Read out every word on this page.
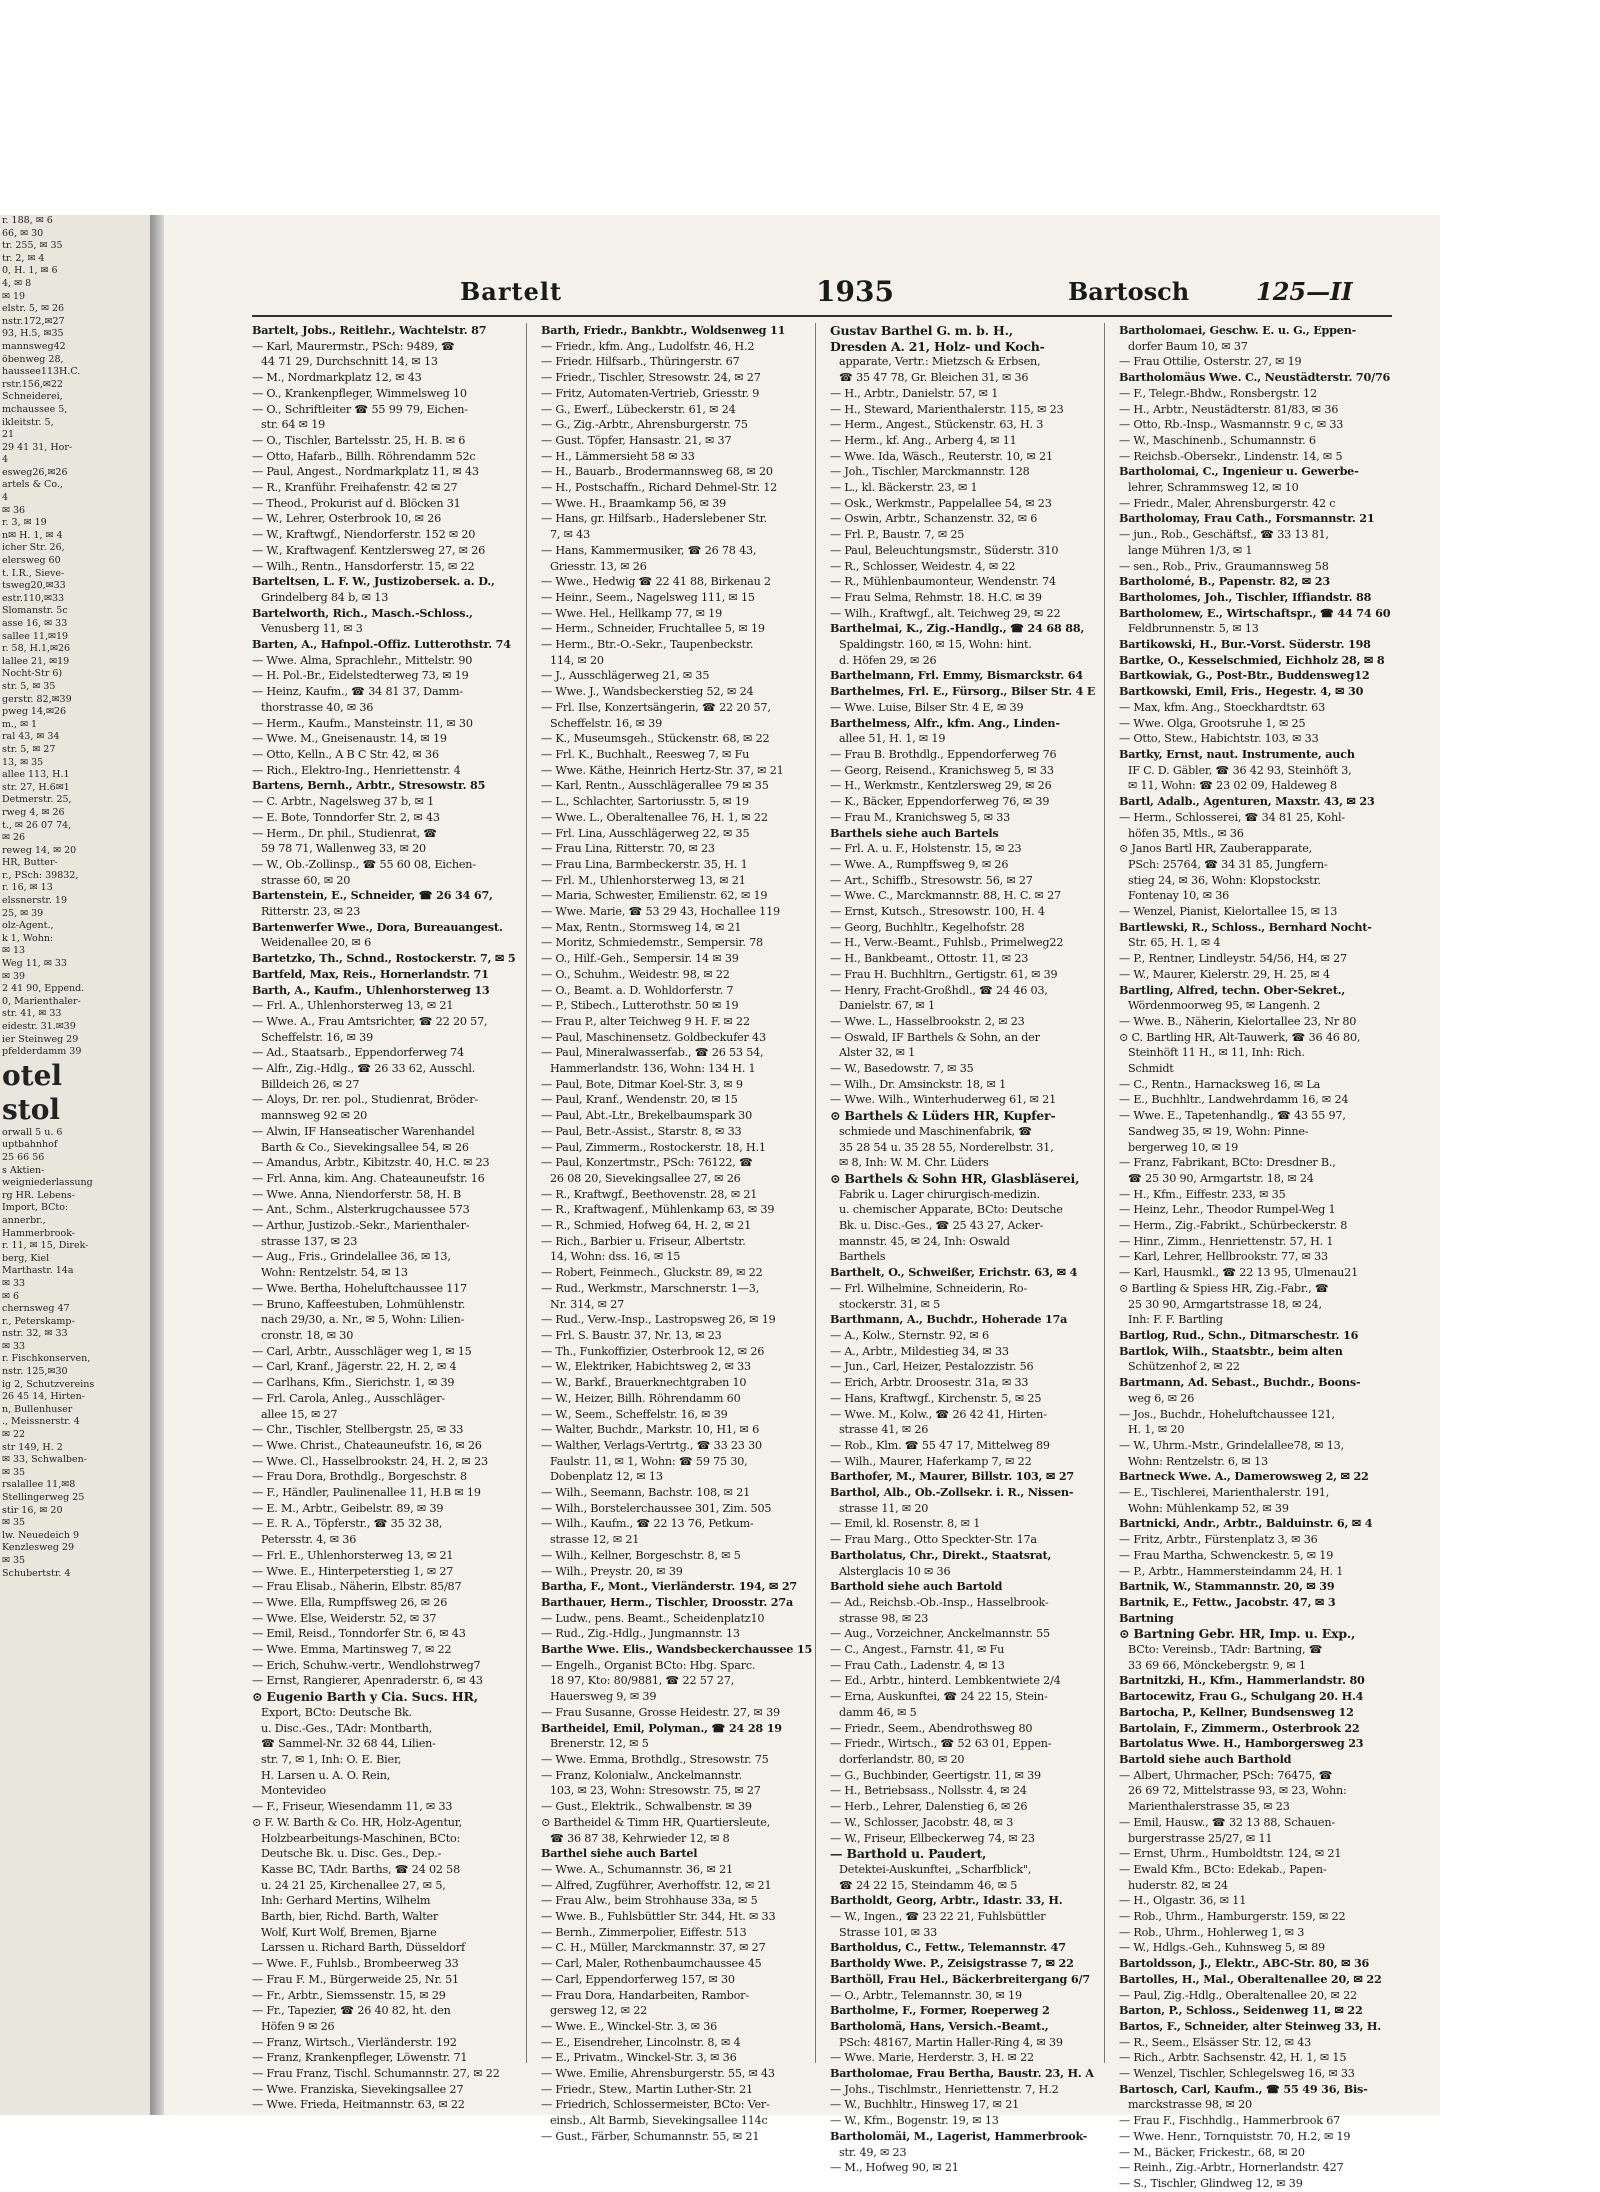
r. 188, ✉ 6
66, ✉ 30
tr. 255, ✉ 35
tr. 2, ✉ 4
0, H. 1, ✉ 6
4, ✉ 8
✉ 19
elstr. 5, ✉ 26
nstr.172,✉27
93, H.5, ✉35
mannsweg42
öbenweg 28,
haussee113H.C.
rstr.156,✉22
Schneiderei,
mchaussee 5,
ikleitstr. 5,
21
29 41 31, Hor-
4
esweg26,✉26
artels & Co.,
4
✉ 36
r. 3, ✉ 19
n✉ H. 1, ✉ 4
icher Str. 26,
elersweg 60
t. I.R., Sieve-
tsweg20,✉33
estr.110,✉33
Slomanstr. 5c
asse 16, ✉ 33
sallee 11,✉19
r. 58, H.1,✉26
lallee 21, ✉19
Nocht-Str 6)
str. 5, ✉ 35
gerstr. 82,✉39
pweg 14,✉26
m., ✉ 1
ral 43, ✉ 34
str. 5, ✉ 27
13, ✉ 35
allee 113, H.1
str. 27, H.6✉1
Detmerstr. 25,
rweg 4, ✉ 26
t., ✉ 26 07 74,
✉ 26
reweg 14, ✉ 20
HR, Butter-
r., PSch: 39832,
r. 16, ✉ 13
elssnerstr. 19
25, ✉ 39
olz-Agent.,
k 1, Wohn:
✉ 13
Weg 11, ✉ 33
✉ 39
2 41 90, Eppend.
0, Marienthaler-
str. 41, ✉ 33
eidestr. 31.✉39
ier Steinweg 29
pfelderdamm 39
otel
stol
orwall 5 u. 6
uptbahnhof
25 66 56
s Aktien-
weigniederlassung
rg HR. Lebens-
Import, BCto:
annerbr.,
Hammerbrook-
r. 11, ✉ 15, Direk-
berg, Kiel
Marthastr. 14a
✉ 33
✉ 6
chernsweg 47
r., Peterskamp-
nstr. 32, ✉ 33
✉ 33
r. Fischkonserven,
nstr. 125,✉30
ig 2, Schutzvereins
26 45 14, Hirten-
n, Bullenhuser
., Meissnerstr. 4
✉ 22
str 149, H. 2
✉ 33, Schwalben-
✉ 35
rsalallee 11,✉8
Stellingerweg 25
stir 16, ✉ 20
✉ 35
lw. Neuedeich 9
Kenzlesweg 29
✉ 35
Schubertstr. 4
Bartelt	1935	Bartosch	125—II
Bartelt, Jobs., Reitlehr., Wachtelstr. 87
— Karl, Maurermstr., PSch: 9489, ☎
44 71 29, Durchschnitt 14, ✉ 13
— M., Nordmarkplatz 12, ✉ 43
— O., Krankenpfleger, Wimmelsweg 10
— O., Schriftleiter ☎ 55 99 79, Eichen-
str. 64 ✉ 19
— O., Tischler, Bartelsstr. 25, H. B. ✉ 6
— Otto, Hafarb., Billh. Röhrendamm 52c
— Paul, Angest., Nordmarkplatz 11, ✉ 43
— R., Kranführ. Freihafenstr. 42 ✉ 27
— Theod., Prokurist auf d. Blöcken 31
— W., Lehrer, Osterbrook 10, ✉ 26
— W., Kraftwgf., Niendorferstr. 152 ✉ 20
— W., Kraftwagenf. Kentzlersweg 27, ✉ 26
— Wilh., Rentn., Hansdorferstr. 15, ✉ 22
Barteltsen, L. F. W., Justizobersek. a. D.,
Grindelberg 84 b, ✉ 13
Bartelworth, Rich., Masch.-Schloss.,
Venusberg 11, ✉ 3
Barten, A., Hafnpol.-Offiz. Lutterothstr. 74
— Wwe. Alma, Sprachlehr., Mittelstr. 90
— H. Pol.-Br., Eidelstedterweg 73, ✉ 19
— Heinz, Kaufm., ☎ 34 81 37, Damm-
thorstrasse 40, ✉ 36
— Herm., Kaufm., Mansteinstr. 11, ✉ 30
— Wwe. M., Gneisenaustr. 14, ✉ 19
— Otto, Kelln., A B C Str. 42, ✉ 36
— Rich., Elektro-Ing., Henriettenstr. 4
Bartens, Bernh., Arbtr., Stresowstr. 85
— C. Arbtr., Nagelsweg 37 b, ✉ 1
— E. Bote, Tonndorfer Str. 2, ✉ 43
— Herm., Dr. phil., Studienrat, ☎
59 78 71, Wallenweg 33, ✉ 20
— W., Ob.-Zollinsp., ☎ 55 60 08, Eichen-
strasse 60, ✉ 20
Bartenstein, E., Schneider, ☎ 26 34 67,
Ritterstr. 23, ✉ 23
Bartenwerfer Wwe., Dora, Bureauangest.
Weidenallee 20, ✉ 6
Bartetzko, Th., Schnd., Rostockerstr. 7, ✉ 5
Bartfeld, Max, Reis., Hornerlandstr. 71
Barth, A., Kaufm., Uhlenhorsterweg 13
— Frl. A., Uhlenhorsterweg 13, ✉ 21
— Wwe. A., Frau Amtsrichter, ☎ 22 20 57,
Scheffelstr. 16, ✉ 39
— Ad., Staatsarb., Eppendorferweg 74
— Alfr., Zig.-Hdlg., ☎ 26 33 62, Ausschl.
Billdeich 26, ✉ 27
— Aloys, Dr. rer. pol., Studienrat, Bröder-
mannsweg 92 ✉ 20
— Alwin, IF Hanseatischer Warenhandel
Barth & Co., Sievekingsallee 54, ✉ 26
— Amandus, Arbtr., Kibitzstr. 40, H.C. ✉ 23
— Frl. Anna, kim. Ang. Chateauneufstr. 16
— Wwe. Anna, Niendorferstr. 58, H. B
— Ant., Schm., Alsterkrugchaussee 573
— Arthur, Justizob.-Sekr., Marienthaler-
strasse 137, ✉ 23
— Aug., Fris., Grindelallee 36, ✉ 13,
Wohn: Rentzelstr. 54, ✉ 13
— Wwe. Bertha, Hoheluftchaussee 117
— Bruno, Kaffeestuben, Lohmühlenstr.
nach 29/30, a. Nr., ✉ 5, Wohn: Lilien-
cronstr. 18, ✉ 30
— Carl, Arbtr., Ausschläger weg 1, ✉ 15
— Carl, Kranf., Jägerstr. 22, H. 2, ✉ 4
— Carlhans, Kfm., Sierichstr. 1, ✉ 39
— Frl. Carola, Anleg., Ausschläger-
allee 15, ✉ 27
— Chr., Tischler, Stellbergstr. 25, ✉ 33
— Wwe. Christ., Chateauneufstr. 16, ✉ 26
— Wwe. Cl., Hasselbrookstr. 24, H. 2, ✉ 23
— Frau Dora, Brothdlg., Borgeschstr. 8
— F., Händler, Paulinenallee 11, H.B ✉ 19
— E. M., Arbtr., Geibelstr. 89, ✉ 39
— E. R. A., Töpferstr., ☎ 35 32 38,
Petersstr. 4, ✉ 36
— Frl. E., Uhlenhorsterweg 13, ✉ 21
— Wwe. E., Hinterpeterstieg 1, ✉ 27
— Frau Elisab., Näherin, Elbstr. 85/87
— Wwe. Ella, Rumpffsweg 26, ✉ 26
— Wwe. Else, Weiderstr. 52, ✉ 37
— Emil, Reisd., Tonndorfer Str. 6, ✉ 43
— Wwe. Emma, Martinsweg 7, ✉ 22
— Erich, Schuhw.-vertr., Wendlohstrweg7
— Ernst, Rangierer, Apenraderstr. 6, ✉ 43
⊙ Eugenio Barth y Cia. Sucs. HR,
Export, BCto: Deutsche Bk.
u. Disc.-Ges., TAdr: Montbarth,
☎ Sammel-Nr. 32 68 44, Lilien-
str. 7, ✉ 1, Inh: O. E. Bier,
H. Larsen u. A. O. Rein,
Montevideo
— F., Friseur, Wiesendamm 11, ✉ 33
⊙ F. W. Barth & Co. HR, Holz-Agentur,
Holzbearbeitungs-Maschinen, BCto:
Deutsche Bk. u. Disc. Ges., Dep.-
Kasse BC, TAdr. Barths, ☎ 24 02 58
u. 24 21 25, Kirchenallee 27, ✉ 5,
Inh: Gerhard Mertins, Wilhelm
Barth, bier, Richd. Barth, Walter
Wolf, Kurt Wolf, Bremen, Bjarne
Larssen u. Richard Barth, Düsseldorf
— Wwe. F., Fuhlsb., Brombeerweg 33
— Frau F. M., Bürgerweide 25, Nr. 51
— Fr., Arbtr., Siemssenstr. 15, ✉ 29
— Fr., Tapezier, ☎ 26 40 82, ht. den
Höfen 9 ✉ 26
— Franz, Wirtsch., Vierländerstr. 192
— Franz, Krankenpfleger, Löwenstr. 71
— Frau Franz, Tischl. Schumannstr. 27, ✉ 22
— Wwe. Franziska, Sievekingsallee 27
— Wwe. Frieda, Heitmannstr. 63, ✉ 22
Barth, Friedr., Bankbtr., Woldsenweg 11
— Friedr., kfm. Ang., Ludolfstr. 46, H.2
— Friedr. Hilfsarb., Thüringerstr. 67
— Friedr., Tischler, Stresowstr. 24, ✉ 27
— Fritz, Automaten-Vertrieb, Griesstr. 9
— G., Ewerf., Lübeckerstr. 61, ✉ 24
— G., Zig.-Arbtr., Ahrensburgerstr. 75
— Gust. Töpfer, Hansastr. 21, ✉ 37
— H., Lämmersieht 58 ✉ 33
— H., Bauarb., Brodermannsweg 68, ✉ 20
— H., Postschaffn., Richard Dehmel-Str. 12
— Wwe. H., Braamkamp 56, ✉ 39
— Hans, gr. Hilfsarb., Haderslebener Str.
7, ✉ 43
— Hans, Kammermusiker, ☎ 26 78 43,
Griesstr. 13, ✉ 26
— Wwe., Hedwig ☎ 22 41 88, Birkenau 2
— Heinr., Seem., Nagelsweg 111, ✉ 15
— Wwe. Hel., Hellkamp 77, ✉ 19
— Herm., Schneider, Fruchtallee 5, ✉ 19
— Herm., Btr.-O.-Sekr., Taupenbeckstr.
114, ✉ 20
— J., Ausschlägerweg 21, ✉ 35
— Wwe. J., Wandsbeckerstieg 52, ✉ 24
— Frl. Ilse, Konzertsängerin, ☎ 22 20 57,
Scheffelstr. 16, ✉ 39
— K., Museumsgeh., Stückenstr. 68, ✉ 22
— Frl. K., Buchhalt., Reesweg 7, ✉ Fu
— Wwe. Käthe, Heinrich Hertz-Str. 37, ✉ 21
— Karl, Rentn., Ausschlägerallee 79 ✉ 35
— L., Schlachter, Sartoriusstr. 5, ✉ 19
— Wwe. L., Oberaltenallee 76, H. 1, ✉ 22
— Frl. Lina, Ausschlägerweg 22, ✉ 35
— Frau Lina, Ritterstr. 70, ✉ 23
— Frau Lina, Barmbeckerstr. 35, H. 1
— Frl. M., Uhlenhorsterweg 13, ✉ 21
— Maria, Schwester, Emilienstr. 62, ✉ 19
— Wwe. Marie, ☎ 53 29 43, Hochallee 119
— Max, Rentn., Stormsweg 14, ✉ 21
— Moritz, Schmiedemstr., Sempersir. 78
— O., Hilf.-Geh., Sempersir. 14 ✉ 39
— O., Schuhm., Weidestr. 98, ✉ 22
— O., Beamt. a. D. Wohldorferstr. 7
— P., Stibech., Lutterothstr. 50 ✉ 19
— Frau P., alter Teichweg 9 H. F. ✉ 22
— Paul, Maschinensetz. Goldbeckufer 43
— Paul, Mineralwasserfab., ☎ 26 53 54,
Hammerlandstr. 136, Wohn: 134 H. 1
— Paul, Bote, Ditmar Koel-Str. 3, ✉ 9
— Paul, Kranf., Wendenstr. 20, ✉ 15
— Paul, Abt.-Ltr., Brekelbaumspark 30
— Paul, Betr.-Assist., Starstr. 8, ✉ 33
— Paul, Zimmerm., Rostockerstr. 18, H.1
— Paul, Konzertmstr., PSch: 76122, ☎
26 08 20, Sievekingsallee 27, ✉ 26
— R., Kraftwgf., Beethovenstr. 28, ✉ 21
— R., Kraftwagenf., Mühlenkamp 63, ✉ 39
— R., Schmied, Hofweg 64, H. 2, ✉ 21
— Rich., Barbier u. Friseur, Albertstr.
14, Wohn: dss. 16, ✉ 15
— Robert, Feinmech., Gluckstr. 89, ✉ 22
— Rud., Werkmstr., Marschnerstr. 1—3,
Nr. 314, ✉ 27
— Rud., Verw.-Insp., Lastropsweg 26, ✉ 19
— Frl. S. Baustr. 37, Nr. 13, ✉ 23
— Th., Funkoffizier, Osterbrook 12, ✉ 26
— W., Elektriker, Habichtsweg 2, ✉ 33
— W., Barkf., Brauerknechtgraben 10
— W., Heizer, Billh. Röhrendamm 60
— W., Seem., Scheffelstr. 16, ✉ 39
— Walter, Buchdr., Markstr. 10, H1, ✉ 6
— Walther, Verlags-Vertrtg., ☎ 33 23 30
Faulstr. 11, ✉ 1, Wohn: ☎ 59 75 30,
Dobenplatz 12, ✉ 13
— Wilh., Seemann, Bachstr. 108, ✉ 21
— Wilh., Borstelerchaussee 301, Zim. 505
— Wilh., Kaufm., ☎ 22 13 76, Petkum-
strasse 12, ✉ 21
— Wilh., Kellner, Borgeschstr. 8, ✉ 5
— Wilh., Preystr. 20, ✉ 39
Bartha, F., Mont., Vierländerstr. 194, ✉ 27
Barthauer, Herm., Tischler, Droosstr. 27a
— Ludw., pens. Beamt., Scheidenplatz10
— Rud., Zig.-Hdlg., Jungmannstr. 13
Barthe Wwe. Elis., Wandsbeckerchaussee 15
— Engelh., Organist BCto: Hbg. Sparc.
18 97, Kto: 80/9881, ☎ 22 57 27,
Hauersweg 9, ✉ 39
— Frau Susanne, Grosse Heidestr. 27, ✉ 39
Bartheidel, Emil, Polyman., ☎ 24 28 19
Brenerstr. 12, ✉ 5
— Wwe. Emma, Brothdlg., Stresowstr. 75
— Franz, Kolonialw., Anckelmannstr.
103, ✉ 23, Wohn: Stresowstr. 75, ✉ 27
— Gust., Elektrik., Schwalbenstr. ✉ 39
⊙ Bartheidel & Timm HR, Quartiersleute,
☎ 36 87 38, Kehrwieder 12, ✉ 8
Barthel siehe auch Bartel
— Wwe. A., Schumannstr. 36, ✉ 21
— Alfred, Zugführer, Averhoffstr. 12, ✉ 21
— Frau Alw., beim Strohhause 33a, ✉ 5
— Wwe. B., Fuhlsbüttler Str. 344, Ht. ✉ 33
— Bernh., Zimmerpolier, Eiffestr. 513
— C. H., Müller, Marckmannstr. 37, ✉ 27
— Carl, Maler, Rothenbaumchaussee 45
— Carl, Eppendorferweg 157, ✉ 30
— Frau Dora, Handarbeiten, Rambor-
gersweg 12, ✉ 22
— Wwe. E., Winckel-Str. 3, ✉ 36
— E., Eisendreher, Lincolnstr. 8, ✉ 4
— E., Privatm., Winckel-Str. 3, ✉ 36
— Wwe. Emilie, Ahrensburgerstr. 55, ✉ 43
— Friedr., Stew., Martin Luther-Str. 21
— Friedrich, Schlossermeister, BCto: Ver-
einsb., Alt Barmb, Sievekingsallee 114c
— Gust., Färber, Schumannstr. 55, ✉ 21
Gustav Barthel G. m. b. H.,
Dresden A. 21, Holz- und Koch-
apparate, Vertr.: Mietzsch & Erbsen,
☎ 35 47 78, Gr. Bleichen 31, ✉ 36
— H., Arbtr., Danielstr. 57, ✉ 1
— H., Steward, Marienthalerstr. 115, ✉ 23
— Herm., Angest., Stückenstr. 63, H. 3
— Herm., kf. Ang., Arberg 4, ✉ 11
— Wwe. Ida, Wäsch., Reuterstr. 10, ✉ 21
— Joh., Tischler, Marckmannstr. 128
— L., kl. Bäckerstr. 23, ✉ 1
— Osk., Werkmstr., Pappelallee 54, ✉ 23
— Oswin, Arbtr., Schanzenstr. 32, ✉ 6
— Frl. P., Baustr. 7, ✉ 25
— Paul, Beleuchtungsmstr., Süderstr. 310
— R., Schlosser, Weidestr. 4, ✉ 22
— R., Mühlenbaumonteur, Wendenstr. 74
— Frau Selma, Rehmstr. 18. H.C. ✉ 39
— Wilh., Kraftwgf., alt. Teichweg 29, ✉ 22
Barthelmai, K., Zig.-Handlg., ☎ 24 68 88,
Spaldingstr. 160, ✉ 15, Wohn: hint.
d. Höfen 29, ✉ 26
Barthelmann, Frl. Emmy, Bismarckstr. 64
Barthelmes, Frl. E., Fürsorg., Bilser Str. 4 E
— Wwe. Luise, Bilser Str. 4 E, ✉ 39
Barthelmess, Alfr., kfm. Ang., Linden-
allee 51, H. 1, ✉ 19
— Frau B. Brothdlg., Eppendorferweg 76
— Georg, Reisend., Kranichsweg 5, ✉ 33
— H., Werkmstr., Kentzlersweg 29, ✉ 26
— K., Bäcker, Eppendorferweg 76, ✉ 39
— Frau M., Kranichsweg 5, ✉ 33
Barthels siehe auch Bartels
— Frl. A. u. F., Holstenstr. 15, ✉ 23
— Wwe. A., Rumpffsweg 9, ✉ 26
— Art., Schiffb., Stresowstr. 56, ✉ 27
— Wwe. C., Marckmannstr. 88, H. C. ✉ 27
— Ernst, Kutsch., Stresowstr. 100, H. 4
— Georg, Buchhltr., Kegelhofstr. 28
— H., Verw.-Beamt., Fuhlsb., Primelweg22
— H., Bankbeamt., Ottostr. 11, ✉ 23
— Frau H. Buchhltrn., Gertigstr. 61, ✉ 39
— Henry, Fracht-Großhdl., ☎ 24 46 03,
Danielstr. 67, ✉ 1
— Wwe. L., Hasselbrookstr. 2, ✉ 23
— Oswald, IF Barthels & Sohn, an der
Alster 32, ✉ 1
— W., Basedowstr. 7, ✉ 35
— Wilh., Dr. Amsinckstr. 18, ✉ 1
— Wwe. Wilh., Winterhuderweg 61, ✉ 21
⊙ Barthels & Lüders HR, Kupfer-
schmiede und Maschinenfabrik, ☎
35 28 54 u. 35 28 55, Norderelbstr. 31,
✉ 8, Inh: W. M. Chr. Lüders
⊙ Barthels & Sohn HR, Glasbläserei,
Fabrik u. Lager chirurgisch-medizin.
u. chemischer Apparate, BCto: Deutsche
Bk. u. Disc.-Ges., ☎ 25 43 27, Acker-
mannstr. 45, ✉ 24, Inh: Oswald
Barthels
Barthelt, O., Schweißer, Erichstr. 63, ✉ 4
— Frl. Wilhelmine, Schneiderin, Ro-
stockerstr. 31, ✉ 5
Barthmann, A., Buchdr., Hoherade 17a
— A., Kolw., Sternstr. 92, ✉ 6
— A., Arbtr., Mildestieg 34, ✉ 33
— Jun., Carl, Heizer, Pestalozzistr. 56
— Erich, Arbtr. Droosestr. 31a, ✉ 33
— Hans, Kraftwgf., Kirchenstr. 5, ✉ 25
— Wwe. M., Kolw., ☎ 26 42 41, Hirten-
strasse 41, ✉ 26
— Rob., Klm. ☎ 55 47 17, Mittelweg 89
— Wilh., Maurer, Haferkamp 7, ✉ 22
Barthofer, M., Maurer, Billstr. 103, ✉ 27
Barthol, Alb., Ob.-Zollsekr. i. R., Nissen-
strasse 11, ✉ 20
— Emil, kl. Rosenstr. 8, ✉ 1
— Frau Marg., Otto Speckter-Str. 17a
Bartholatus, Chr., Direkt., Staatsrat,
Alsterglacis 10 ✉ 36
Barthold siehe auch Bartold
— Ad., Reichsb.-Ob.-Insp., Hasselbrook-
strasse 98, ✉ 23
— Aug., Vorzeichner, Anckelmannstr. 55
— C., Angest., Farnstr. 41, ✉ Fu
— Frau Cath., Ladenstr. 4, ✉ 13
— Ed., Arbtr., hinterd. Lembkentwiete 2/4
— Erna, Auskunftei, ☎ 24 22 15, Stein-
damm 46, ✉ 5
— Friedr., Seem., Abendrothsweg 80
— Friedr., Wirtsch., ☎ 52 63 01, Eppen-
dorferlandstr. 80, ✉ 20
— G., Buchbinder, Geertigstr. 11, ✉ 39
— H., Betriebsass., Nollsstr. 4, ✉ 24
— Herb., Lehrer, Dalenstieg 6, ✉ 26
— W., Schlosser, Jacobstr. 48, ✉ 3
— W., Friseur, Ellbeckerweg 74, ✉ 23
— Barthold u. Paudert,
Detektei-Auskunftei, „Scharfblick",
☎ 24 22 15, Steindamm 46, ✉ 5
Bartholdt, Georg, Arbtr., Idastr. 33, H.
— W., Ingen., ☎ 23 22 21, Fuhlsbüttler
Strasse 101, ✉ 33
Bartholdus, C., Fettw., Telemannstr. 47
Bartholdy Wwe. P., Zeisigstrasse 7, ✉ 22
Barthöll, Frau Hel., Bäckerbreitergang 6/7
— O., Arbtr., Telemannstr. 30, ✉ 19
Bartholme, F., Former, Roeperweg 2
Bartholomä, Hans, Versich.-Beamt.,
PSch: 48167, Martin Haller-Ring 4, ✉ 39
— Wwe. Marie, Herderstr. 3, H. ✉ 22
Bartholomae, Frau Bertha, Baustr. 23, H. A
— Johs., Tischlmstr., Henriettenstr. 7, H.2
— W., Buchhltr., Hinsweg 17, ✉ 21
— W., Kfm., Bogenstr. 19, ✉ 13
Bartholomäi, M., Lagerist, Hammerbrook-
str. 49, ✉ 23
— M., Hofweg 90, ✉ 21
Bartholomaei, Geschw. E. u. G., Eppen-
dorfer Baum 10, ✉ 37
— Frau Ottilie, Osterstr. 27, ✉ 19
Bartholomäus Wwe. C., Neustädterstr. 70/76
— F., Telegr.-Bhdw., Ronsbergstr. 12
— H., Arbtr., Neustädterstr. 81/83, ✉ 36
— Otto, Rb.-Insp., Wasmannstr. 9 c, ✉ 33
— W., Maschinenb., Schumannstr. 6
— Reichsb.-Obersekr., Lindenstr. 14, ✉ 5
Bartholomai, C., Ingenieur u. Gewerbe-
lehrer, Schrammsweg 12, ✉ 10
— Friedr., Maler, Ahrensburgerstr. 42 c
Bartholomay, Frau Cath., Forsmannstr. 21
— jun., Rob., Geschäftsf., ☎ 33 13 81,
lange Mühren 1/3, ✉ 1
— sen., Rob., Priv., Graumannsweg 58
Bartholomé, B., Papenstr. 82, ✉ 23
Bartholomes, Joh., Tischler, Iffiandstr. 88
Bartholomew, E., Wirtschaftspr., ☎ 44 74 60
Feldbrunnenstr. 5, ✉ 13
Bartikowski, H., Bur.-Vorst. Süderstr. 198
Bartke, O., Kesselschmied, Eichholz 28, ✉ 8
Bartkowiak, G., Post-Btr., Buddensweg12
Bartkowski, Emil, Fris., Hegestr. 4, ✉ 30
— Max, kfm. Ang., Stoeckhardtstr. 63
— Wwe. Olga, Grootsruhe 1, ✉ 25
— Otto, Stew., Habichtstr. 103, ✉ 33
Bartky, Ernst, naut. Instrumente, auch
IF C. D. Gäbler, ☎ 36 42 93, Steinhöft 3,
✉ 11, Wohn: ☎ 23 02 09, Haldeweg 8
Bartl, Adalb., Agenturen, Maxstr. 43, ✉ 23
— Herm., Schlosserei, ☎ 34 81 25, Kohl-
höfen 35, Mtls., ✉ 36
⊙ Janos Bartl HR, Zauberapparate,
PSch: 25764, ☎ 34 31 85, Jungfern-
stieg 24, ✉ 36, Wohn: Klopstockstr.
Fontenay 10, ✉ 36
— Wenzel, Pianist, Kielortallee 15, ✉ 13
Bartlewski, R., Schloss., Bernhard Nocht-
Str. 65, H. 1, ✉ 4
— P., Rentner, Lindleystr. 54/56, H4, ✉ 27
— W., Maurer, Kielerstr. 29, H. 25, ✉ 4
Bartling, Alfred, techn. Ober-Sekret.,
Wördenmoorweg 95, ✉ Langenh. 2
— Wwe. B., Näherin, Kielortallee 23, Nr 80
⊙ C. Bartling HR, Alt-Tauwerk, ☎ 36 46 80,
Steinhöft 11 H., ✉ 11, Inh: Rich.
Schmidt
— C., Rentn., Harnacksweg 16, ✉ La
— E., Buchhltr., Landwehrdamm 16, ✉ 24
— Wwe. E., Tapetenhandlg., ☎ 43 55 97,
Sandweg 35, ✉ 19, Wohn: Pinne-
bergerweg 10, ✉ 19
— Franz, Fabrikant, BCto: Dresdner B.,
☎ 25 30 90, Armgartstr. 18, ✉ 24
— H., Kfm., Eiffestr. 233, ✉ 35
— Heinz, Lehr., Theodor Rumpel-Weg 1
— Herm., Zig.-Fabrikt., Schürbeckerstr. 8
— Hinr., Zimm., Henriettenstr. 57, H. 1
— Karl, Lehrer, Hellbrookstr. 77, ✉ 33
— Karl, Hausmkl., ☎ 22 13 95, Ulmenau21
⊙ Bartling & Spiess HR, Zig.-Fabr., ☎
25 30 90, Armgartstrasse 18, ✉ 24,
Inh: F. F. Bartling
Bartlog, Rud., Schn., Ditmarschestr. 16
Bartlok, Wilh., Staatsbtr., beim alten
Schützenhof 2, ✉ 22
Bartmann, Ad. Sebast., Buchdr., Boons-
weg 6, ✉ 26
— Jos., Buchdr., Hoheluftchaussee 121,
H. 1, ✉ 20
— W., Uhrm.-Mstr., Grindelallee78, ✉ 13,
Wohn: Rentzelstr. 6, ✉ 13
Bartneck Wwe. A., Damerowsweg 2, ✉ 22
— E., Tischlerei, Marienthalerstr. 191,
Wohn: Mühlenkamp 52, ✉ 39
Bartnicki, Andr., Arbtr., Balduinstr. 6, ✉ 4
— Fritz, Arbtr., Fürstenplatz 3, ✉ 36
— Frau Martha, Schwenckestr. 5, ✉ 19
— P., Arbtr., Hammersteindamm 24, H. 1
Bartnik, W., Stammannstr. 20, ✉ 39
Bartnik, E., Fettw., Jacobstr. 47, ✉ 3
Bartning
⊙ Bartning Gebr. HR, Imp. u. Exp.,
BCto: Vereinsb., TAdr: Bartning, ☎
33 69 66, Mönckebergstr. 9, ✉ 1
Bartnitzki, H., Kfm., Hammerlandstr. 80
Bartocewitz, Frau G., Schulgang 20. H.4
Bartocha, P., Kellner, Bundsensweg 12
Bartolain, F., Zimmerm., Osterbrook 22
Bartolatus Wwe. H., Hamborgersweg 23
Bartold siehe auch Barthold
— Albert, Uhrmacher, PSch: 76475, ☎
26 69 72, Mittelstrasse 93, ✉ 23, Wohn:
Marienthalerstrasse 35, ✉ 23
— Emil, Hausw., ☎ 32 13 88, Schauen-
burgerstrasse 25/27, ✉ 11
— Ernst, Uhrm., Humboldtstr. 124, ✉ 21
— Ewald Kfm., BCto: Edekab., Papen-
huderstr. 82, ✉ 24
— H., Olgastr. 36, ✉ 11
— Rob., Uhrm., Hamburgerstr. 159, ✉ 22
— Rob., Uhrm., Hohlerweg 1, ✉ 3
— W., Hdlgs.-Geh., Kuhnsweg 5, ✉ 89
Bartoldsson, J., Elektr., ABC-Str. 80, ✉ 36
Bartolles, H., Mal., Oberaltenallee 20, ✉ 22
— Paul, Zig.-Hdlg., Oberaltenallee 20, ✉ 22
Barton, P., Schloss., Seidenweg 11, ✉ 22
Bartos, F., Schneider, alter Steinweg 33, H.
— R., Seem., Elsässer Str. 12, ✉ 43
— Rich., Arbtr. Sachsenstr. 42, H. 1, ✉ 15
— Wenzel, Tischler, Schlegelsweg 16, ✉ 33
Bartosch, Carl, Kaufm., ☎ 55 49 36, Bis-
marckstrasse 98, ✉ 20
— Frau F., Fischhdlg., Hammerbrook 67
— Wwe. Henr., Tornquiststr. 70, H.2, ✉ 19
— M., Bäcker, Frickestr., 68, ✉ 20
— Reinh., Zig.-Arbtr., Hornerlandstr. 427
— S., Tischler, Glindweg 12, ✉ 39
